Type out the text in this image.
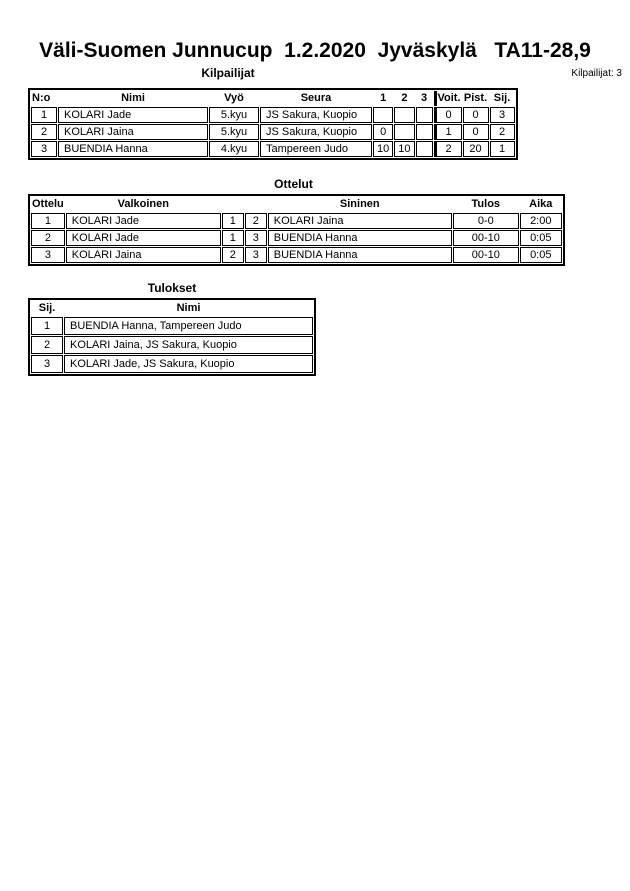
Väli-Suomen Junnucup  1.2.2020  Jyväskylä   TA11-28,9
Kilpailijat	Kilpailijat: 3
N:o	Nimi	Vyö	Seura	1	2	3	Voit.	Pist.	Sij.
1	KOLARI Jade	5.kyu	JS Sakura, Kuopio				0	0	3
2	KOLARI Jaina	5.kyu	JS Sakura, Kuopio	0			1	0	2
3	BUENDIA Hanna	4.kyu	Tampereen Judo	10	10		2	20	1
Ottelut
Ottelu	Valkoinen			Sininen	Tulos	Aika
1	KOLARI Jade	1	2	KOLARI Jaina	0-0	2:00
2	KOLARI Jade	1	3	BUENDIA Hanna	00-10	0:05
3	KOLARI Jaina	2	3	BUENDIA Hanna	00-10	0:05
Tulokset
Sij.	Nimi
1	BUENDIA Hanna, Tampereen Judo
2	KOLARI Jaina, JS Sakura, Kuopio
3	KOLARI Jade, JS Sakura, Kuopio
